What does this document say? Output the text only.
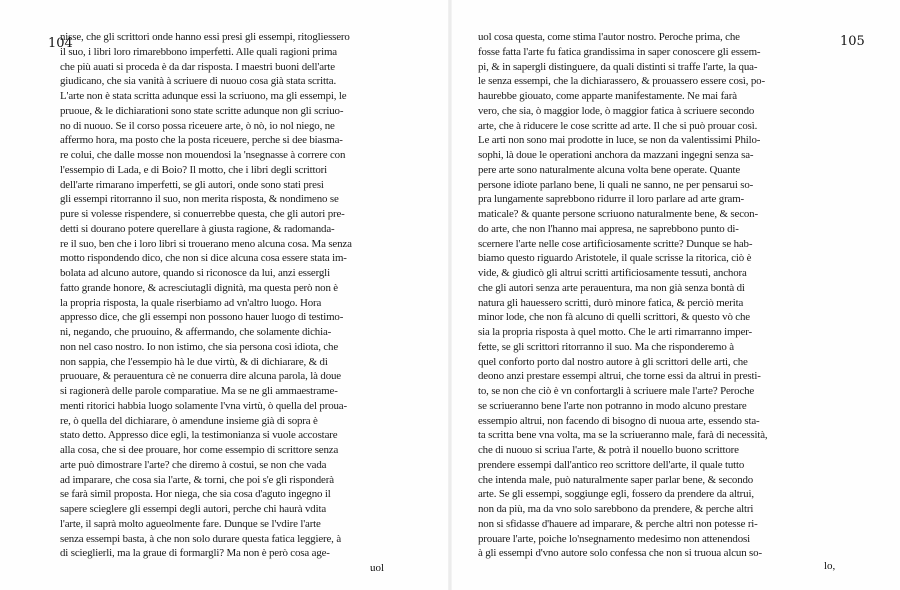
104	105
nisse, che gli scrittori onde hanno essi presi gli essempi, ritogliessero
il suo, i libri loro rimarebbono imperfetti. Alle quali ragioni prima
che più auati si proceda è da dar risposta. I maestri buoni dell'arte
giudicano, che sia vanità à scriuere di nuouo cosa già stata scritta.
L'arte non è stata scritta adunque essi la scriuono, ma gli essempi, le
pruoue, & le dichiarationi sono state scritte adunque non gli scriuo-
no di nuouo. Se il corso possa riceuere arte, ò nò, io nol niego, ne
affermo hora, ma posto che la posta riceuere, perche si dee biasma-
re colui, che dalle mosse non mouendosi la 'nsegnasse à correre con
l'essempio di Lada, e di Boio? Il motto, che i libri degli scrittori
dell'arte rimarano imperfetti, se gli autori, onde sono stati presi
gli essempi ritorranno il suo, non merita risposta, & nondimeno se
pure si volesse rispendere, si conuerrebbe questa, che gli autori pre-
detti si dourano potere querellare à giusta ragione, & radomanda-
re il suo, ben che i loro libri si trouerano meno alcuna cosa. Ma senza
motto rispondendo dico, che non si dice alcuna cosa essere stata im-
bolata ad alcuno autore, quando si riconosce da lui, anzi essergli
fatto grande honore, & acresciutagli dignità, ma questa però non è
la propria risposta, la quale riserbiamo ad vn'altro luogo. Hora
appresso dice, che gli essempi non possono hauer luogo di testimo-
ni, negando, che pruouino, & affermando, che solamente dichia-
non nel caso nostro. Io non istimo, che sia persona così idiota, che
non sappia, che l'essempio hà le due virtù, & di dichiarare, & di
pruouare, & perauentura cè ne conuerra dire alcuna parola, là doue
si ragionerà delle parole comparatiue. Ma se ne gli ammaestrame-
menti ritorici habbia luogo solamente l'vna virtù, ò quella del proua-
re, ò quella del dichiarare, ò amendune insieme già di sopra è
stato detto. Appresso dice egli, la testimonianza si vuole accostare
alla cosa, che si dee prouare, hor come essempio di scrittore senza
arte può dimostrare l'arte? che diremo à costui, se non che vada
ad imparare, che cosa sia l'arte, & torni, che poi s'e gli risponderà
se farà simil proposta. Hor niega, che sia cosa d'aguto ingegno il
sapere scieglere gli essempi degli autori, perche chi haurà vdita
l'arte, il saprà molto agueolmente fare. Dunque se l'vdire l'arte
senza essempi basta, à che non solo durare questa fatica leggiere, à
di scieglierli, ma la graue di formargli? Ma non è però cosa age-
uol cosa questa, come stima l'autor nostro. Peroche prima, che
fosse fatta l'arte fu fatica grandissima in saper conoscere gli essem-
pi, & in sapergli distinguere, da quali distinti si traffe l'arte, la qua-
le senza essempi, che la dichiarassero, & prouassero essere così, po-
haurebbe giouato, come apparte manifestamente. Ne mai farà
vero, che sia, ò maggior lode, ò maggior fatica à scriuere secondo
arte, che à riducere le cose scritte ad arte. Il che si può prouar così.
Le arti non sono mai prodotte in luce, se non da valentissimi Philo-
sophi, là doue le operationi anchora da mazzani ingegni senza sa-
pere arte sono naturalmente alcuna volta bene operate. Quante
persone idiote parlano bene, li quali ne sanno, ne per pensarui so-
pra lungamente saprebbono ridurre il loro parlare ad arte gram-
maticale? & quante persone scriuono naturalmente bene, & secon-
do arte, che non l'hanno mai appresa, ne saprebbono punto di-
scernere l'arte nelle cose artificiosamente scritte? Dunque se hab-
biamo questo riguardo Aristotele, il quale scrisse la ritorica, ciò è
vide, & giudicò gli altrui scritti artificiosamente tessuti, anchora
che gli autori senza arte perauentura, ma non già senza bontà di
natura gli hauessero scritti, durò minore fatica, & perciò merita
minor lode, che non fà alcuno di quelli scrittori, & questo vò che
sia la propria risposta à quel motto. Che le arti rimarranno imper-
fette, se gli scrittori ritorranno il suo. Ma che risponderemo à
quel conforto porto dal nostro autore à gli scrittori delle arti, che
deono anzi prestare essempi altrui, che torne essi da altrui in presti-
to, se non che ciò è vn confortargli à scriuere male l'arte? Peroche
se scriueranno bene l'arte non potranno in modo alcuno prestare
essempio altrui, non facendo di bisogno di nuoua arte, essendo sta-
ta scritta bene vna volta, ma se la scriueranno male, farà di necessità,
che di nuouo si scriua l'arte, & potrà il nouello buono scrittore
prendere essempi dall'antico reo scrittore dell'arte, il quale tutto
che intenda male, può naturalmente saper parlar bene, & secondo
arte. Se gli essempi, soggiunge egli, fossero da prendere da altrui,
non da più, ma da vno solo sarebbono da prendere, & perche altri
non si sfidasse d'hauere ad imparare, & perche altri non potesse ri-
prouare l'arte, poiche lo'nsegnamento medesimo non attenendosi
à gli essempi d'vno autore solo confessa che non si truoua alcun so-
uol	lo,
